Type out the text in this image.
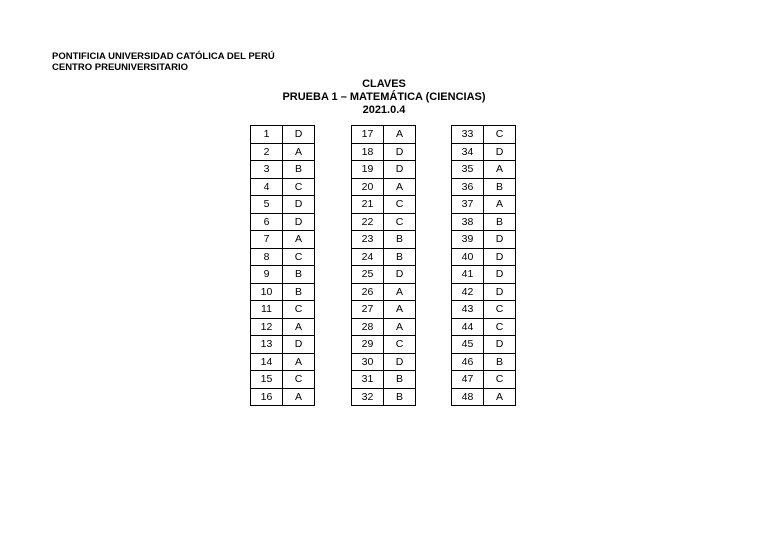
PONTIFICIA UNIVERSIDAD CATÓLICA DEL PERÚ
CENTRO PREUNIVERSITARIO
CLAVES
PRUEBA 1 – MATEMÁTICA (CIENCIAS)
2021.0.4
1	D
2	A
3	B
4	C
5	D
6	D
7	A
8	C
9	B
10	B
11	C
12	A
13	D
14	A
15	C
16	A
17	A
18	D
19	D
20	A
21	C
22	C
23	B
24	B
25	D
26	A
27	A
28	A
29	C
30	D
31	B
32	B
33	C
34	D
35	A
36	B
37	A
38	B
39	D
40	D
41	D
42	D
43	C
44	C
45	D
46	B
47	C
48	A
